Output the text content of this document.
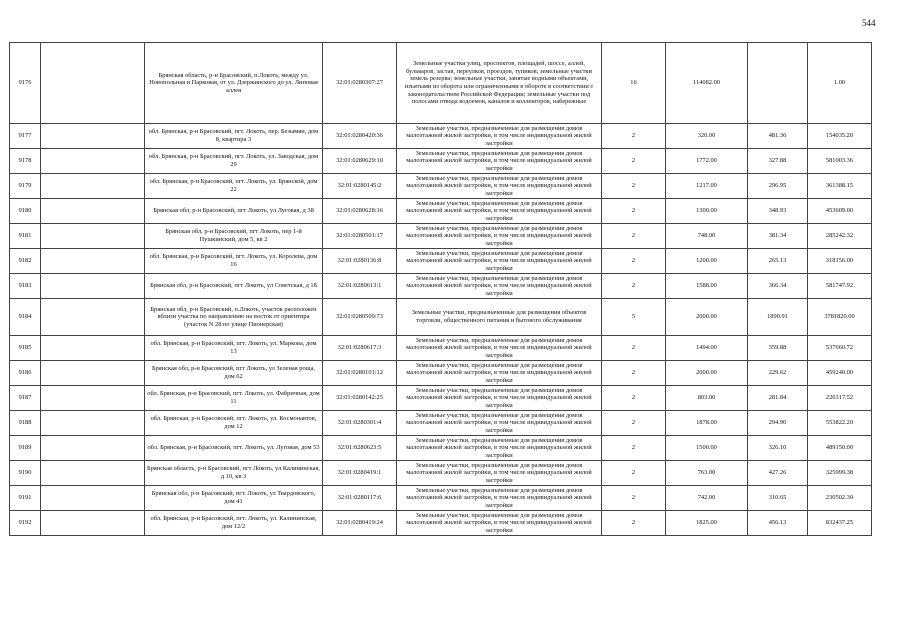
544
9176		Брянская область, р-н Брасовский, п.Локоть, между ул. Новопольная и Парковая, от ул. Дзержинского до ул. Липовая аллея	32:01:0280307:27	Земельные участки улиц, проспектов, площадей, шоссе, аллей, бульваров, застав, переулков, проездов, тупиков; земельные участки земель резерва; земельные участки, занятые водными объектами, изъятыми из оборота или ограниченными в обороте в соответствии с законодательством Российской Федерации; земельные участки под полосами отвода водоемов, каналов и коллекторов, набережные	16	114082.00		1.00
9177		обл. Брянская, р-н Брасовский, пгт. Локоть, пер. Безымян, дом 8, квартира 3	32:01:0280420:36	Земельные участки, предназначенные для размещения домов малоэтажной жилой застройки, в том числе индивидуальной жилой застройки	2	320.00	481.36	154035.20
9178		обл. Брянская, р-н Брасовский, пгт. Локоть, ул. Заводская, дом 29	32:01:0280629:10	Земельные участки, предназначенные для размещения домов малоэтажной жилой застройки, в том числе индивидуальной жилой застройки	2	1772.00	327.88	581003.36
9179		обл. Брянская, р-н Брасовский, пгт. Локоть, ул. Брянской, дом 22	32:01:0280145:2	Земельные участки, предназначенные для размещения домов малоэтажной жилой застройки, в том числе индивидуальной жилой застройки	2	1217.00	296.95	361388.15
9180		Брянская обл, р-н Брасовский, пгт Локоть, ул Луговая, д 38	32:01:0280628:16	Земельные участки, предназначенные для размещения домов малоэтажной жилой застройки, в том числе индивидуальной жилой застройки	2	1300.00	348.93	453609.00
9181		Брянская обл, р-н Брасовский, пгт Локоть, пер 1-й Пушкинский, дом 5, кв 2	32:01:0280501:17	Земельные участки, предназначенные для размещения домов малоэтажной жилой застройки, в том числе индивидуальной жилой застройки	2	748.00	381.34	285242.32
9182		обл. Брянская, р-н Брасовский, пгт. Локоть, ул. Королева, дом 16	32:01:0280136:8	Земельные участки, предназначенные для размещения домов малоэтажной жилой застройки, в том числе индивидуальной жилой застройки	2	1200.00	265.13	318156.00
9183		Брянская обл, р-н Брасовский, пгт Локоть, ул Советская, д 18	32:01:0280613:1	Земельные участки, предназначенные для размещения домов малоэтажной жилой застройки, в том числе индивидуальной жилой застройки	2	1588.00	366.34	581747.92
9184		Брянская обл, р-н Брасовский, п.Локоть, участок расположен вблизи участка по направлению на восток от ориентира (участок N 28 по улице Пионерская)	32:01:0280509:73	Земельные участки, предназначенные для размещения объектов торговли, общественного питания и бытового обслуживания	5	2000.00	1890.91	3781820.00
9185		обл. Брянская, р-н Брасовский, пгт. Локоть, ул. Маркова, дом 13	32:01:0280617:3	Земельные участки, предназначенные для размещения домов малоэтажной жилой застройки, в том числе индивидуальной жилой застройки	2	1494.00	359.88	537660.72
9186		Брянская обл, р-н Брасовский, пгт Локоть, ул Зеленая роща, дом 62	32:01:0280101:12	Земельные участки, предназначенные для размещения домов малоэтажной жилой застройки, в том числе индивидуальной жилой застройки	2	2000.00	229.62	459240.00
9187		обл. Брянская, р-н Брасовский, пгт. Локоть, ул. Фабричная, дом 11	32:01:0280142:25	Земельные участки, предназначенные для размещения домов малоэтажной жилой застройки, в том числе индивидуальной жилой застройки	2	803.00	281.84	226317.52
9188		обл. Брянская, р-н Брасовский, пгт. Локоть, ул. Космонавтов, дом 12	32:01:0280301:4	Земельные участки, предназначенные для размещения домов малоэтажной жилой застройки, в том числе индивидуальной жилой застройки	2	1878.00	294.90	553822.20
9189		обл. Брянская, р-н Брасовский, пгт. Локоть, ул. Луговая, дом 53	32:01:0280623:5	Земельные участки, предназначенные для размещения домов малоэтажной жилой застройки, в том числе индивидуальной жилой застройки	2	1500.00	326.10	489150.00
9190		Брянская область, р-н Брасовский, пгт Локоть, ул Калининская, д 10, кв 3	32:01:0280419:1	Земельные участки, предназначенные для размещения домов малоэтажной жилой застройки, в том числе индивидуальной жилой застройки	2	763.00	427.26	325999.38
9191		Брянская обл, р-н Брасовский, пгт. Локоть, ул Твардовского, дом 41	32:01:0280117:6	Земельные участки, предназначенные для размещения домов малоэтажной жилой застройки, в том числе индивидуальной жилой застройки	2	742.00	310.65	230502.30
9192		обл. Брянская, р-н Брасовский, пгт. Локоть, ул. Калининская, дом 12/2	32:01:0280419:24	Земельные участки, предназначенные для размещения домов малоэтажной жилой застройки, в том числе индивидуальной жилой застройки	2	1825.00	456.13	832437.25
